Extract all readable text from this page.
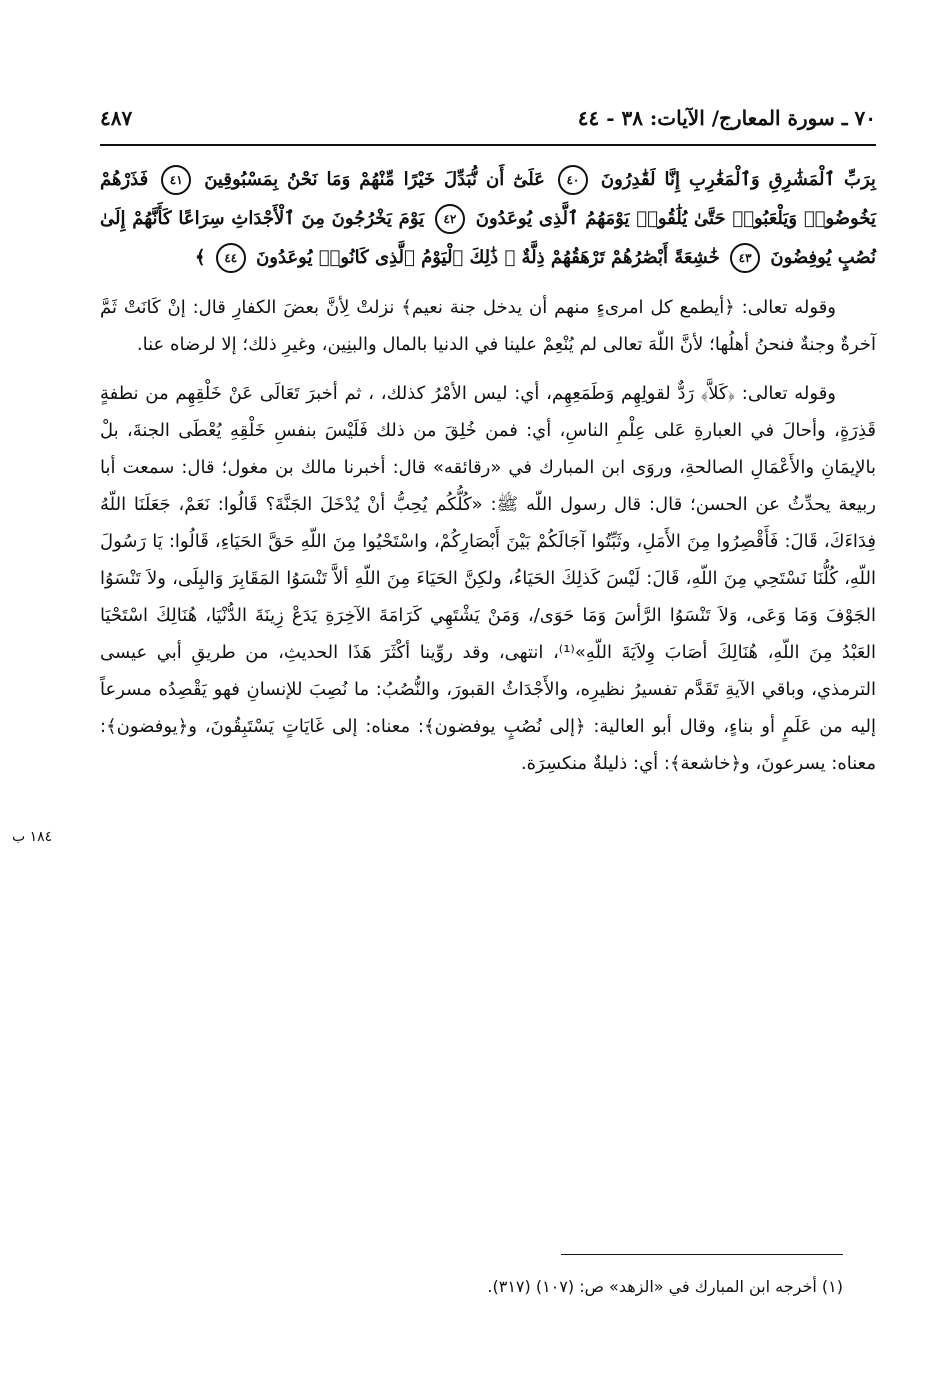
٧٠ ـ سورة المعارج/ الآيات: ٣٨ - ٤٤
٤٨٧
بِرَبِّ ٱلْمَشَٰرِقِ وَٱلْمَغَٰرِبِ إِنَّا لَقَٰدِرُونَ ٤٠ عَلَىٰٓ أَن نُّبَدِّلَ خَيْرًا مِّنْهُمْ وَمَا نَحْنُ بِمَسْبُوقِينَ ٤١ فَذَرْهُمْ يَخُوضُوا۟ وَيَلْعَبُوا۟ حَتَّىٰ يُلَٰقُوا۟ يَوْمَهُمُ ٱلَّذِى يُوعَدُونَ ٤٢ يَوْمَ يَخْرُجُونَ مِنَ ٱلْأَجْدَاثِ سِرَاعًا كَأَنَّهُمْ إِلَىٰ نُصُبٍ يُوفِضُونَ ٤٣ خَٰشِعَةً أَبْصَٰرُهُمْ تَرْهَقُهُمْ ذِلَّةٌ ۚ ذَٰلِكَ ٱلْيَوْمُ ٱلَّذِى كَانُوا۟ يُوعَدُونَ ٤٤ ﴾

وقوله تعالى: ﴿أيطمع كل امرىءٍ منهم أن يدخل جنة نعيم﴾ نزلتْ لِأنَّ بعضَ الكفارِ قال: إنْ كَانَتْ ثَمَّ آخرةٌ وجنةٌ فنحنُ أهلُها؛ لأنَّ اللّهَ تعالى لم يُنْعِمْ علينا في الدنيا بالمال والبنِين، وغيرِ ذلك؛ إلا لرضاه عنا.

١٨٤ ب
وقوله تعالى: ﴿كَلاَّ﴾ رَدٌّ لقولِهِم وَطَمَعِهِم، أي: ليس الأمْرُ كذلك، ، ثم أخبرَ تَعَالَى عَنْ خَلْقِهِم من نطفةٍ قَذِرَةٍ، وأحالَ في العبارةِ عَلى عِلْمِ الناسِ، أي: فمن خُلِقَ من ذلك فَلَيْسَ بنفسِ خَلْقِهِ يُعْطَى الجنةَ، بلْ بالإيمَانِ والأَعْمَالِ الصالحةِ، وروَى ابن المبارك في «رقائقه» قال: أخبرنا مالك بن مغول؛ قال: سمعت أبا ربيعة يحدِّثُ عن الحسن؛ قال: قال رسول اللّه ﷺ: «كُلُّكُم يُحِبُّ أنْ يُدْخَلَ الجَنَّةَ؟ قَالُوا: نَعَمْ، جَعَلَنَا اللّهُ فِدَاءَكَ، قَالَ: فَأَقْصِرُوا مِنَ الأَمَلِ، وثَبِّتُوا آجَالَكُمْ بَيْنَ أَبْصَارِكُمْ، واسْتَحْيُوا مِنَ اللّهِ حَقَّ الحَيَاءِ، قَالُوا: يَا رَسُولَ اللّهِ، كُلُّنَا نَسْتَحِي مِنَ اللّهِ، قَالَ: لَيْسَ كَذلِكَ الحَيَاءُ، ولكِنَّ الحَيَاءَ مِنَ اللّهِ ألاَّ تَنْسَوُا المَقَابِرَ وَالبِلَى، ولاَ تَنْسَوُا الجَوْفَ وَمَا وَعَى، وَلاَ تَنْسَوُا الرَّأسَ وَمَا حَوَى/، وَمَنْ يَشْتَهِي كَرَامَةَ الآخِرَةِ يَدَعْ زِينَةَ الدُّنْيَا، هُنَالِكَ اسْتَحْيَا العَبْدُ مِنَ اللّهِ، هُنَالِكَ أصَابَ وِلاَيَةَ اللّهِ»⁽¹⁾، انتهى، وقد روِّينا أكْثَرَ هَذَا الحديثِ، من طريقِ أبي عيسى الترمذي، وباقي الآيةِ تَقَدَّم تفسيرُ نظيرِه، والأَجْدَاثُ القبورَ، والنُّصُبُ: ما نُصِبَ للإنسانِ فهو يَقْصِدُه مسرعاً إليه من عَلَمٍ أو بناءٍ، وقال أبو العالية: ﴿إلى نُصُبٍ يوفضون﴾: معناه: إلى غَايَاتٍ يَسْتَبِقُونَ، و﴿يوفضون﴾: معناه: يسرعونَ، و﴿خاشعة﴾: أي: ذليلةٌ منكسِرَة.

(١) أخرجه ابن المبارك في «الزهد» ص: (١٠٧) (٣١٧).
